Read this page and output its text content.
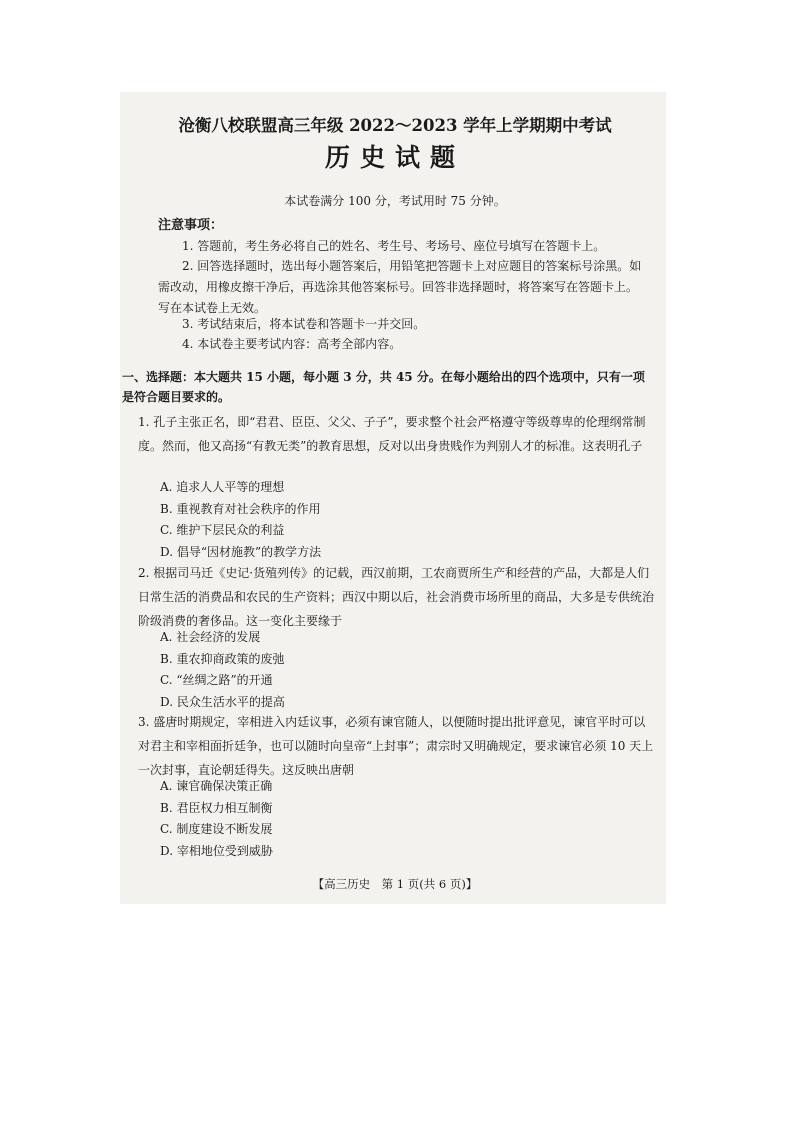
沧衡八校联盟高三年级 2022～2023 学年上学期期中考试
历史试题
本试卷满分 100 分，考试用时 75 分钟。
注意事项：
1. 答题前，考生务必将自己的姓名、考生号、考场号、座位号填写在答题卡上。
2. 回答选择题时，选出每小题答案后，用铅笔把答题卡上对应题目的答案标号涂黑。如需改动，用橡皮擦干净后，再选涂其他答案标号。回答非选择题时，将答案写在答题卡上。写在本试卷上无效。
3. 考试结束后，将本试卷和答题卡一并交回。
4. 本试卷主要考试内容：高考全部内容。
一、选择题：本大题共 15 小题，每小题 3 分，共 45 分。在每小题给出的四个选项中，只有一项是符合题目要求的。
1. 孔子主张正名，即“君君、臣臣、父父、子子”，要求整个社会严格遵守等级尊卑的伦理纲常制度。然而，他又高扬“有教无类”的教育思想，反对以出身贵贱作为判别人才的标准。这表明孔子
A. 追求人人平等的理想
B. 重视教育对社会秩序的作用
C. 维护下层民众的利益
D. 倡导“因材施教”的教学方法
2. 根据司马迁《史记·货殖列传》的记载，西汉前期，工农商贾所生产和经营的产品，大都是人们日常生活的消费品和农民的生产资料；西汉中期以后，社会消费市场所里的商品，大多是专供统治阶级消费的奢侈品。这一变化主要缘于
A. 社会经济的发展
B. 重农抑商政策的废弛
C. “丝绸之路”的开通
D. 民众生活水平的提高
3. 盛唐时期规定，宰相进入内廷议事，必须有谏官随人，以便随时提出批评意见，谏官平时可以对君主和宰相面折廷争，也可以随时向皇帝“上封事”；肃宗时又明确规定，要求谏官必须 10 天上一次封事，直论朝廷得失。这反映出唐朝
A. 谏官确保决策正确
B. 君臣权力相互制衡
C. 制度建设不断发展
D. 宰相地位受到威胁
【高三历史　第 1 页(共 6 页)】
